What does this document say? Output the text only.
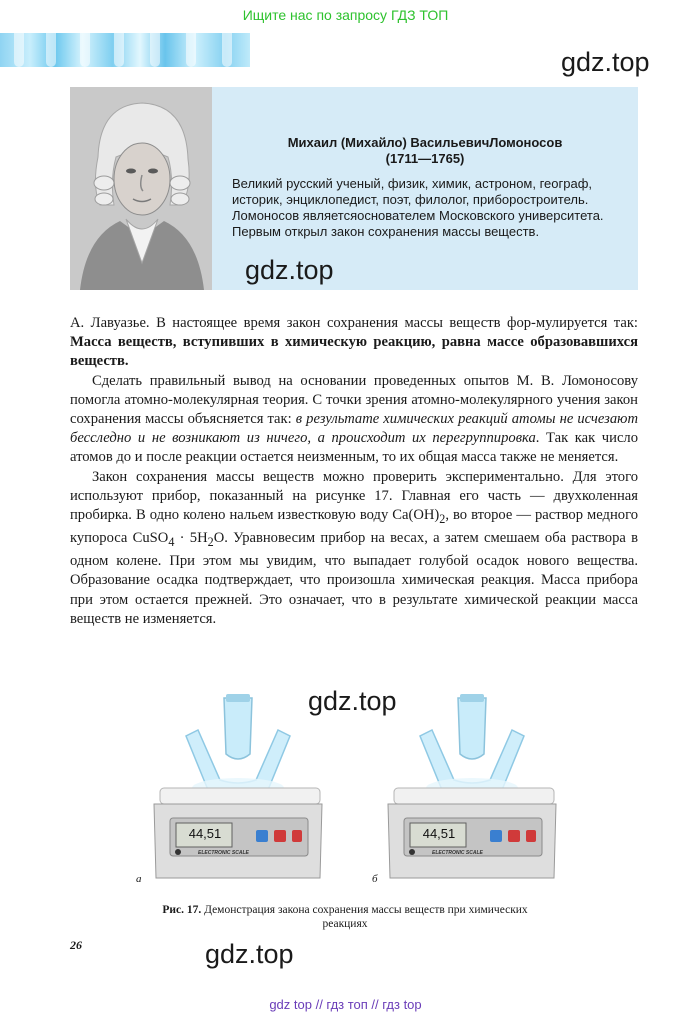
Ищите нас по запросу ГДЗ ТОП
gdz.top
Михаил (Михайло) ВасильевичЛомоносов
(1711—1765)
Великий русский ученый, физик, химик, астроном, географ,
историк, энциклопедист, поэт, филолог, приборостроитель.
Ломоносов являетсяоснователем Московского университета.
Первым открыл закон сохранения массы веществ.
gdz.top

А. Лавуазье. В настоящее время закон сохранения массы веществ фор-мулируется так: Масса веществ, вступивших в химическую реакцию, равна массе образовавшихся веществ.

Сделать правильный вывод на основании проведенных опытов М. В. Ломоносову помогла атомно-молекулярная теория. С точки зрения атомно-молекулярного учения закон сохранения массы объясняется так: в результате химических реакций атомы не исчезают бесследно и не возникают из ничего, а происходит их перегруппировка. Так как число атомов до и после реакции остается неизменным, то их общая масса также не меняется.

Закон сохранения массы веществ можно проверить экспериментально. Для этого используют прибор, показанный на рисунке 17. Главная его часть — двухколенная пробирка. В одно колено нальем известковую воду $Ca(OH)_2$, во второе — раствор медного купороса CuSO$_4$ · $5H_2O$. Уравновесим прибор на весах, а затем смешаем оба раствора в одном колене. При этом мы увидим, что выпадает голубой осадок нового вещества. Образование осадка подтверждает, что произошла химическая реакция. Масса прибора при этом остается прежней. Это означает, что в результате химической реакции масса веществ не изменяется.

gdz.top
44,51
ELECTRONIC SCALE
а
44,51
ELECTRONIC SCALE
б
Рис. 17. Демонстрация закона сохранения массы веществ при химических реакциях
26	gdz.top
gdz top // гдз топ // гдз top
